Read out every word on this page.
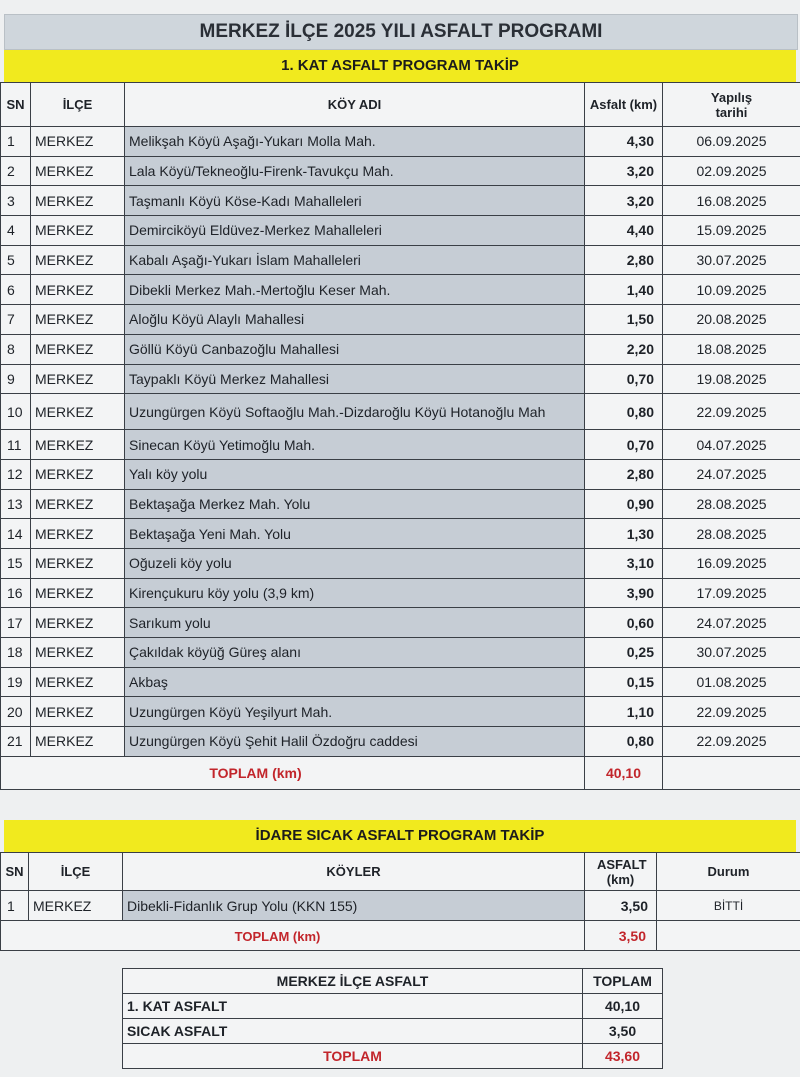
MERKEZ İLÇE 2025 YILI ASFALT PROGRAMI
1. KAT ASFALT PROGRAM TAKİP
SN	İLÇE	KÖY ADI	Asfalt (km)	Yapılış tarihi
1	MERKEZ	Melikşah Köyü Aşağı-Yukarı Molla Mah.	4,30	06.09.2025
2	MERKEZ	Lala Köyü/Tekneoğlu-Firenk-Tavukçu Mah.	3,20	02.09.2025
3	MERKEZ	Taşmanlı Köyü Köse-Kadı Mahalleleri	3,20	16.08.2025
4	MERKEZ	Demirciköyü Eldüvez-Merkez Mahalleleri	4,40	15.09.2025
5	MERKEZ	Kabalı Aşağı-Yukarı İslam Mahalleleri	2,80	30.07.2025
6	MERKEZ	Dibekli Merkez Mah.-Mertoğlu Keser Mah.	1,40	10.09.2025
7	MERKEZ	Aloğlu Köyü Alaylı Mahallesi	1,50	20.08.2025
8	MERKEZ	Göllü Köyü Canbazoğlu Mahallesi	2,20	18.08.2025
9	MERKEZ	Taypaklı Köyü Merkez Mahallesi	0,70	19.08.2025
10	MERKEZ	Uzungürgen Köyü Softaoğlu Mah.-Dizdaroğlu Köyü Hotanoğlu Mah	0,80	22.09.2025
11	MERKEZ	Sinecan Köyü Yetimoğlu Mah.	0,70	04.07.2025
12	MERKEZ	Yalı köy yolu	2,80	24.07.2025
13	MERKEZ	Bektaşağa Merkez Mah. Yolu	0,90	28.08.2025
14	MERKEZ	Bektaşağa Yeni Mah. Yolu	1,30	28.08.2025
15	MERKEZ	Oğuzeli köy yolu	3,10	16.09.2025
16	MERKEZ	Kirençukuru köy yolu (3,9 km)	3,90	17.09.2025
17	MERKEZ	Sarıkum yolu	0,60	24.07.2025
18	MERKEZ	Çakıldak köyüğ Güreş alanı	0,25	30.07.2025
19	MERKEZ	Akbaş	0,15	01.08.2025
20	MERKEZ	Uzungürgen Köyü Yeşilyurt Mah.	1,10	22.09.2025
21	MERKEZ	Uzungürgen Köyü Şehit Halil Özdoğru caddesi	0,80	22.09.2025
TOPLAM (km)			40,10	
İDARE SICAK ASFALT PROGRAM TAKİP
SN	İLÇE	KÖYLER	ASFALT (km)	Durum
1	MERKEZ	Dibekli-Fidanlık Grup Yolu (KKN 155)	3,50	BİTTİ
TOPLAM (km)			3,50	
MERKEZ İLÇE ASFALT	TOPLAM
1. KAT ASFALT	40,10
SICAK ASFALT	3,50
TOPLAM	43,60
